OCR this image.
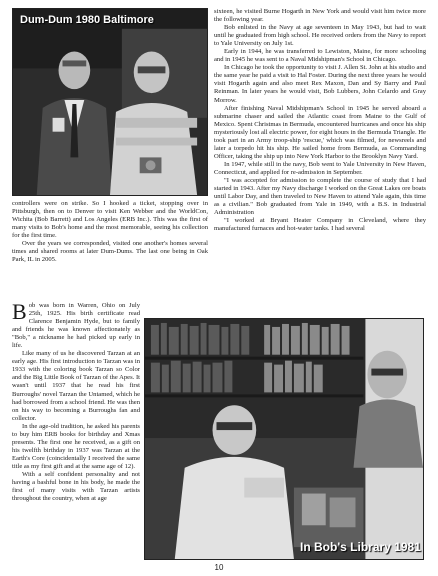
Dum-Dum 1980 Baltimore

sixteen, he visited Burne Hogarth in New York and would visit him twice more the following year.

Bob enlisted in the Navy at age seventeen in May 1943, but had to wait until he graduated from high school. He received orders from the Navy to report to Yale University on July 1st.

Early in 1944, he was transferred to Lewiston, Maine, for more schooling and in 1945 he was sent to a Naval Midshipman's School in Chicago.

In Chicago he took the opportunity to visit J. Allen St. John at his studio and the same year he paid a visit to Hal Foster. During the next three years he would visit Hogarth again and also meet Rex Maxon, Dan and Sy Barry and Paul Reinman. In later years he would visit, Bob Lubbers, John Celardo and Gray Morrow.

After finishing Naval Midshipman's School in 1945 he served aboard a submarine chaser and sailed the Atlantic coast from Maine to the Gulf of Mexico. Spent Christmas in Bermuda, encountered hurricanes and once his ship mysteriously lost all electric power, for eight hours in the Bermuda Triangle. He took part in an Army troop-ship 'rescue,' which was filmed, for newsreels and later a torpedo hit his ship. He sailed home from Bermuda, as Commanding Officer, taking the ship up into New York Harbor to the Brooklyn Navy Yard.

In 1947, while still in the navy, Bob went to Yale University in New Haven, Connecticut, and applied for re-admission in September.

"I was accepted for admission to complete the course of study that I had started in 1943. After my Navy discharge I worked on the Great Lakes ore boats until Labor Day, and then traveled to New Haven to attend Yale again, this time as a civilian." Bob graduated from Yale in 1949, with a B.S. in Industrial Administration

"I worked at Bryant Heater Company in Cleveland, where they manufactured furnaces and hot-water tanks. I had several

controllers were on strike. So I hooked a ticket, stopping over in Pittsburgh, then on to Denver to visit Ken Webber and the WorldCon, Wichita (Bob Barrett) and Los Angeles (ERB Inc.). This was the first of many visits to Bob's home and the most memorable, seeing his collection for the first time.

Over the years we corresponded, visited one another's homes several times and shared rooms at later Dum-Dums. The last one being in Oak Park, IL in 2005.

Bob was born in Warren, Ohio on July 25th, 1925. His birth certificate read Clarence Benjamin Hyde, but to family and friends he was known affectionately as "Bob," a nickname he had picked up early in life.

Like many of us he discovered Tarzan at an early age. His first introduction to Tarzan was in 1933 with the coloring book Tarzan so Color and the Big Little Book of Tarzan of the Apes. It wasn't until 1937 that he read his first Burroughs' novel Tarzan the Untamed, which he had borrowed from a school friend. He was then on his way to becoming a Burroughs fan and collector.

In the age-old tradition, he asked his parents to buy him ERB books for birthday and Xmas presents. The first one he received, as a gift on his twelfth birthday in 1937 was Tarzan at the Earth's Core (coincidentally I received the same title as my first gift and at the same age of 12).

With a self confident personality and not having a bashful bone in his body, he made the first of many visits with Tarzan artists throughout the country, when at age

In Bob's Library 1981
10
